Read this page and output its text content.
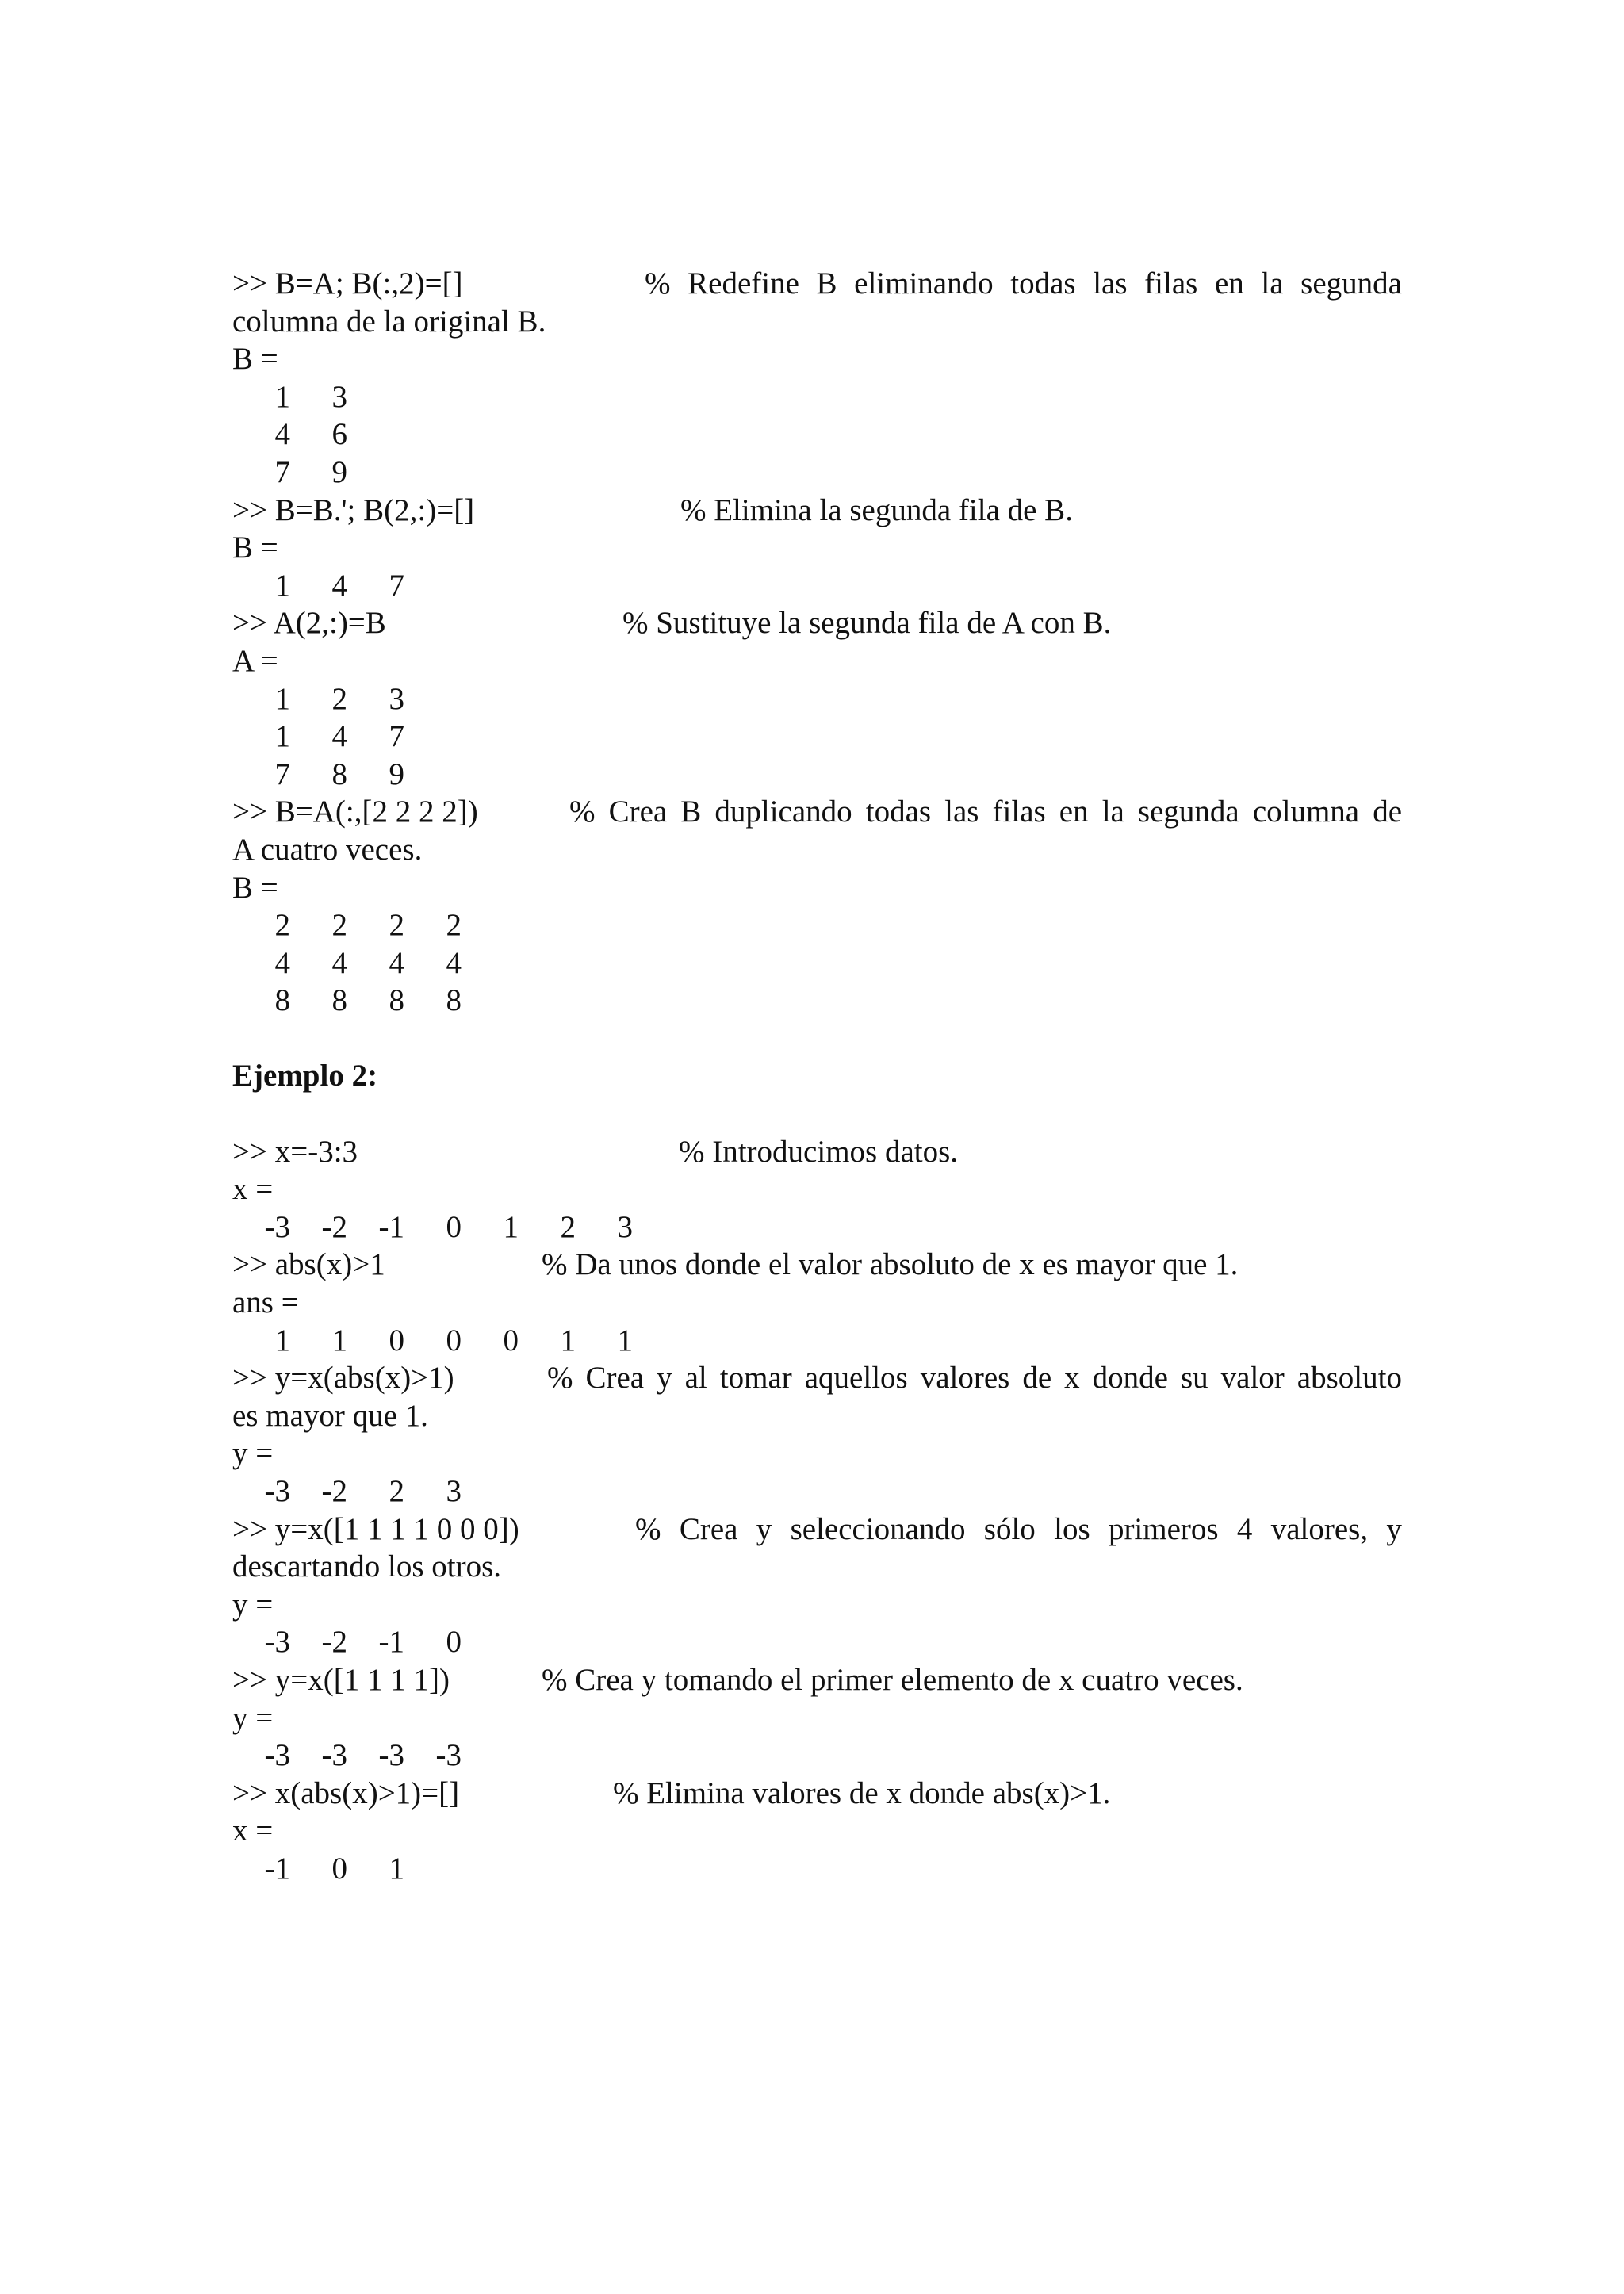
>> B=A; B(:,2)=[]	% Redefine B eliminando todas las filas en la segunda
columna de la original B.
B =
1	3
4	6
7	9
>> B=B.'; B(2,:)=[]	% Elimina la segunda fila de B.
B =
1	4	7
>> A(2,:)=B	% Sustituye la segunda fila de A con B.
A =
1	2	3
1	4	7
7	8	9
>> B=A(:,[2 2 2 2])	% Crea B duplicando todas las filas en la segunda columna de
A cuatro veces.
B =
2	2	2	2
4	4	4	4
8	8	8	8
Ejemplo 2:
>> x=-3:3	% Introducimos datos.
x =
-3	-2	-1	0	1	2	3
>> abs(x)>1	% Da unos donde el valor absoluto de x es mayor que 1.
ans =
1	1	0	0	0	1	1
>> y=x(abs(x)>1)	% Crea y al tomar aquellos valores de x donde su valor absoluto
es mayor que 1.
y =
-3	-2	2	3
>> y=x([1 1 1 1 0 0 0])	% Crea y seleccionando sólo los primeros 4 valores, y
descartando los otros.
y =
-3	-2	-1	0
>> y=x([1 1 1 1])	% Crea y tomando el primer elemento de x cuatro veces.
y =
-3	-3	-3	-3
>> x(abs(x)>1)=[]	% Elimina valores de x donde abs(x)>1.
x =
-1	0	1
